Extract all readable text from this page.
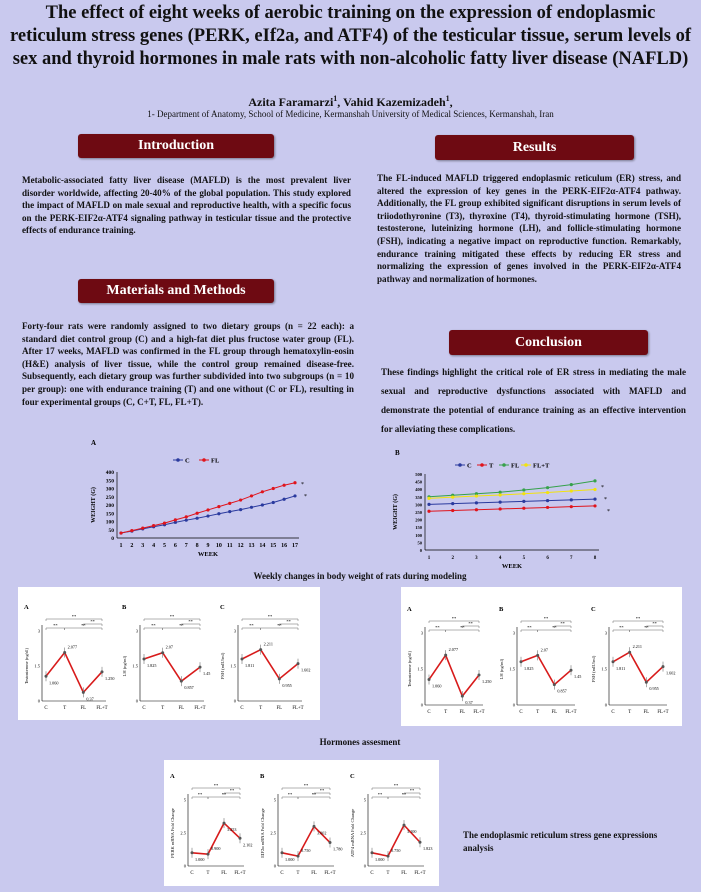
The effect of eight weeks of aerobic training on the expression of endoplasmic reticulum stress genes (PERK, eIf2a, and ATF4) of the testicular tissue, serum levels of sex and thyroid hormones in male rats with non-alcoholic fatty liver disease (NAFLD)
Azita Faramarzi$^1$, Vahid Kazemizadeh$^1$,
1- Department of Anatomy, School of Medicine, Kermanshah University of Medical Sciences, Kermanshah, Iran
Introduction
Metabolic-associated fatty liver disease (MAFLD) is the most prevalent liver disorder worldwide, affecting 20-40% of the global population. This study explored the impact of MAFLD on male sexual and reproductive health, with a specific focus on the PERK-EIF2α-ATF4 signaling pathway in testicular tissue and the protective effects of endurance training.
Materials and Methods
Forty-four rats were randomly assigned to two dietary groups (n = 22 each): a standard diet control group (C) and a high-fat diet plus fructose water group (FL). After 17 weeks, MAFLD was confirmed in the FL group through hematoxylin-eosin (H&E) analysis of liver tissue, while the control group remained disease-free. Subsequently, each dietary group was further subdivided into two subgroups (n = 10 per group): one with endurance training (T) and one without (C or FL), resulting in four experimental groups (C, C+T, FL, FL+T).
Results
The FL-induced MAFLD triggered endoplasmic reticulum (ER) stress, and altered the expression of key genes in the PERK-EIF2α-ATF4 pathway. Additionally, the FL group exhibited significant disruptions in serum levels of triiodothyronine (T3), thyroxine (T4), thyroid-stimulating hormone (TSH), testosterone, luteinizing hormone (LH), and follicle-stimulating hormone (FSH), indicating a negative impact on reproductive function. Remarkably, endurance training mitigated these effects by reducing ER stress and normalizing the expression of genes involved in the PERK-EIF2α-ATF4 pathway and normalization of hormones.
Conclusion
These findings highlight the critical role of ER stress in mediating the male sexual and reproductive dysfunctions associated with MAFLD and demonstrate the potential of endurance training as an effective intervention for alleviating these complications.
A
0
50
100
150
200
250
300
350
400
1 2 3 4 5 6 7 8 9 10 11 12 13 14 15 16 17
WEEK
WEIGHT (G)
C	FL
*
*
B
0
50
100
150
200
250
300
350
400
450
500
1	2	3	4	5	6	7	8
WEEK
WEIGHT (G)
C	T	FL FL+T
*
*
*
Weekly changes in body weight of rats during modeling
A
Testosterone (ng/dl)
0
1.5
3
C	T	FL FL+T
1.060
2.077
0.37
1.250
**	**
**
**
B
LH (ng/ml)
0
1.5
3
C	T	FL FL+T
1.825
2.07
0.857
1.45
**	**
**
**
C
FSH (mIU/ml)
0
1.5
3
C	T	FL FL+T
1.811
2.211
0.955
1.602
**	**
**
**
A
Testosterone (ng/dl)
0
1.5
3
C	T	FL FL+T
1.060
2.077
0.37
1.250
**	**
**
**
B
LH (ng/ml)
0
1.5
3
C	T	FL FL+T
1.825
2.07
0.857
1.45
**	**
**
**
C
FSH (mIU/ml)
0
1.5
3
C	T	FL FL+T
1.811
2.211
0.955
1.602
**	**
**
**
Hormones assesment
A
PERK mRNA Fold Change
0
2.5
5
C	T FL FL+T
1.000
0.900
3.253
2.102
**	**
**
**
B
EIF2α mRNA Fold Change
0
2.5
5
C	T FL FL+T
1.000
0.750
3.002
1.780
**	**
**
**
C
ATF4 mRNA Fold Change
0
2.5
5
C	T FL FL+T
1.000
0.750
3.100
1.823
**	**
**
**
The endoplasmic reticulum stress gene expressions analysis
